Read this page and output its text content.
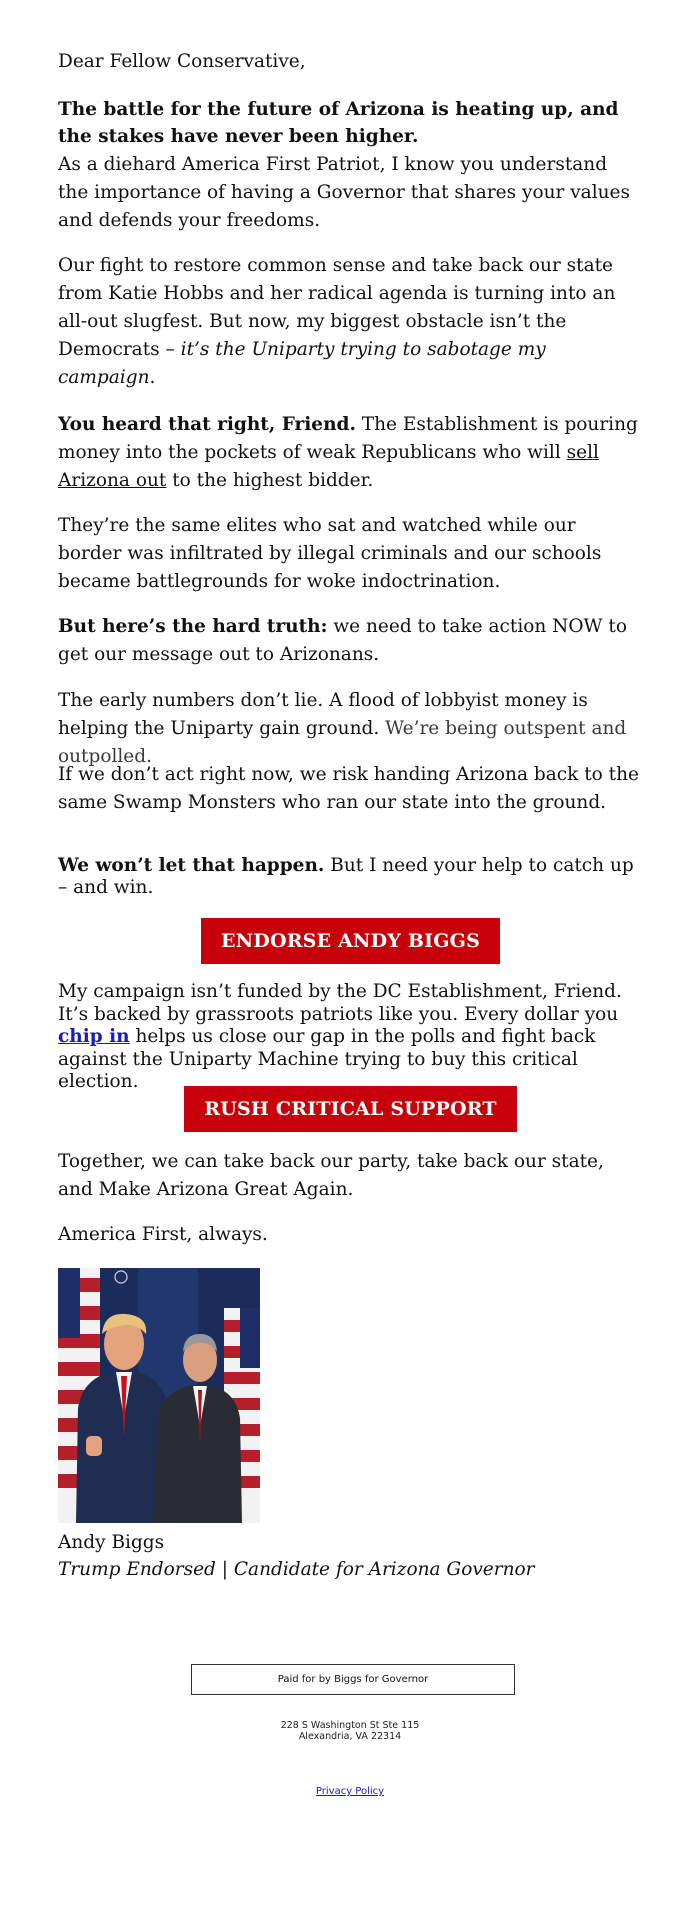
Dear Fellow Conservative,

The battle for the future of Arizona is heating up, and the stakes have never been higher.

As a diehard America First Patriot, I know you understand the importance of having a Governor that shares your values and defends your freedoms.

Our fight to restore common sense and take back our state from Katie Hobbs and her radical agenda is turning into an all-out slugfest. But now, my biggest obstacle isn’t the Democrats – it’s the Uniparty trying to sabotage my campaign.

You heard that right, Friend. The Establishment is pouring money into the pockets of weak Republicans who will sell Arizona out to the highest bidder.

They’re the same elites who sat and watched while our border was infiltrated by illegal criminals and our schools became battlegrounds for woke indoctrination.

But here’s the hard truth: we need to take action NOW to get our message out to Arizonans.

The early numbers don’t lie. A flood of lobbyist money is helping the Uniparty gain ground. We’re being outspent and outpolled.

If we don’t act right now, we risk handing Arizona back to the same Swamp Monsters who ran our state into the ground.

We won’t let that happen. But I need your help to catch up – and win.

ENDORSE ANDY BIGGS

My campaign isn’t funded by the DC Establishment, Friend. It’s backed by grassroots patriots like you. Every dollar you chip in helps us close our gap in the polls and fight back against the Uniparty Machine trying to buy this critical election.

RUSH CRITICAL SUPPORT

Together, we can take back our party, take back our state, and Make Arizona Great Again.

America First, always.

Andy Biggs

Trump Endorsed | Candidate for Arizona Governor

Paid for by Biggs for Governor
228 S Washington St Ste 115
Alexandria, VA 22314
Privacy Policy
